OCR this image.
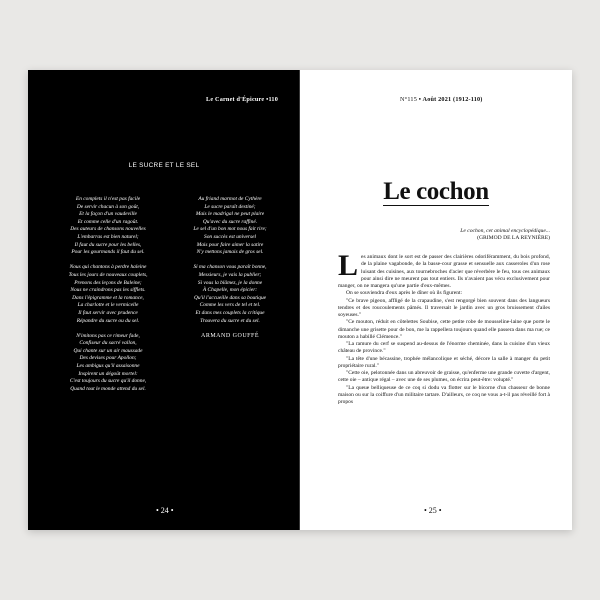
Le Carnet d'Épicure •110
LE SUCRE ET LE SEL
En complets il n'est pas facile
De servir chacun à son goût,
Et la façon d'un vaudeville
Et comme celle d'un ragoût.
Des auteurs de chansons nouvelles
L'embarras est bien naturel;
Il faut du sucre pour les belles,
Pour les gourmands il faut du sel.
Nous qui chantons à perdre haleine
Tous les jours de nouveaux couplets,
Prenons des leçons de Baleine;
Nous ne craindrons pas les sifflets.
Dans l'épigramme et la romance,
La charlotte et le vermicelle
Il faut servir avec prudence
Répandre du sucre ou du sel.
N'imitons pas ce rimeur fade,
Confiseur du sacré vallon,
Qui chante sur un air maussade
Des devises pour Apollon;
Les ambigus qu'il assaisonne
Inspirent un dégoût mortel:
C'est toujours du sucre qu'il donne,
Quand tout le monde attend du sel.
Au friand marmot de Cythère
Le sucre paraît destiné;
Mais le madrigal ne peut plaire
Qu'avec du sucre raffiné.
Le sel d'un bon mot nous fait rire;
Son succès est universel
Mais pour faire aimer la satire
N'y mettons jamais de gros sel.
Si ma chanson vous paraît bonne,
Messieurs, je vais la publier;
Si vous la blâmez, je la donne
À Chapelle, mon épicier:
Qu'il l'accueille dans sa boutique
Comme les vers de tel et tel.
Et dans mes couplets la critique
Trouvera du sucre et du sel.
ARMAND GOUFFÉ
• 24 •
N°115 • Août 2021 (1912-110)
Le cochon
Le cochon, cet animal encyclopédique...
(GRIMOD DE LA REYNIÈRE)

Les animaux dont le sort est de passer des clairières odoriféramment, du bois profond, de la plaine vagabonde, de la basse-cour grasse et sensuelle aux casseroles d'un rose luisant des cuisines, aux tournebroches d'acier que réverbère le feu, tous ces animaux pour ainsi dire ne meurent pas tout entiers. Ils n'avaient pas vécu exclusivement pour manger, on ne mangera qu'une partie d'eux-mêmes.

On se souviendra d'eux après le dîner où ils figurent:

"Ce brave pigeon, affligé de la crapaudine, s'est rengorgé bien souvent dans des langueurs tendres et des roucoulements pâmés. Il traversait le jardin avec un gros bruissement d'ailes soyeuses."

"Ce mouton, réduit en côtelettes Soubise, cette petite robe de mousseline-laine que porte le dimanche une grisette pour de bon, me la rappellera toujours quand elle passera dans ma rue; ce mouton a habillé Clémence."

"La ramure du cerf se suspend au-dessus de l'énorme cheminée, dans la cuisine d'un vieux château de province."

"La tête d'une bécassine, trophée mélancolique et séché, décore la salle à manger du petit propriétaire rural."

"Cette oie, pelotonnée dans un abreuvoir de graisse, qu'enferme une grande cuvette d'argent, cette oie – antique régal – avec une de ses plumes, on écrira peut-être: volupté."

"La queue belliqueuse de ce coq si dodu va flotter sur le bicorne d'un chasseur de bonne maison ou sur la coiffure d'un militaire tartare. D'ailleurs, ce coq ne vous a-t-il pas réveillé fort à propos

• 25 •
